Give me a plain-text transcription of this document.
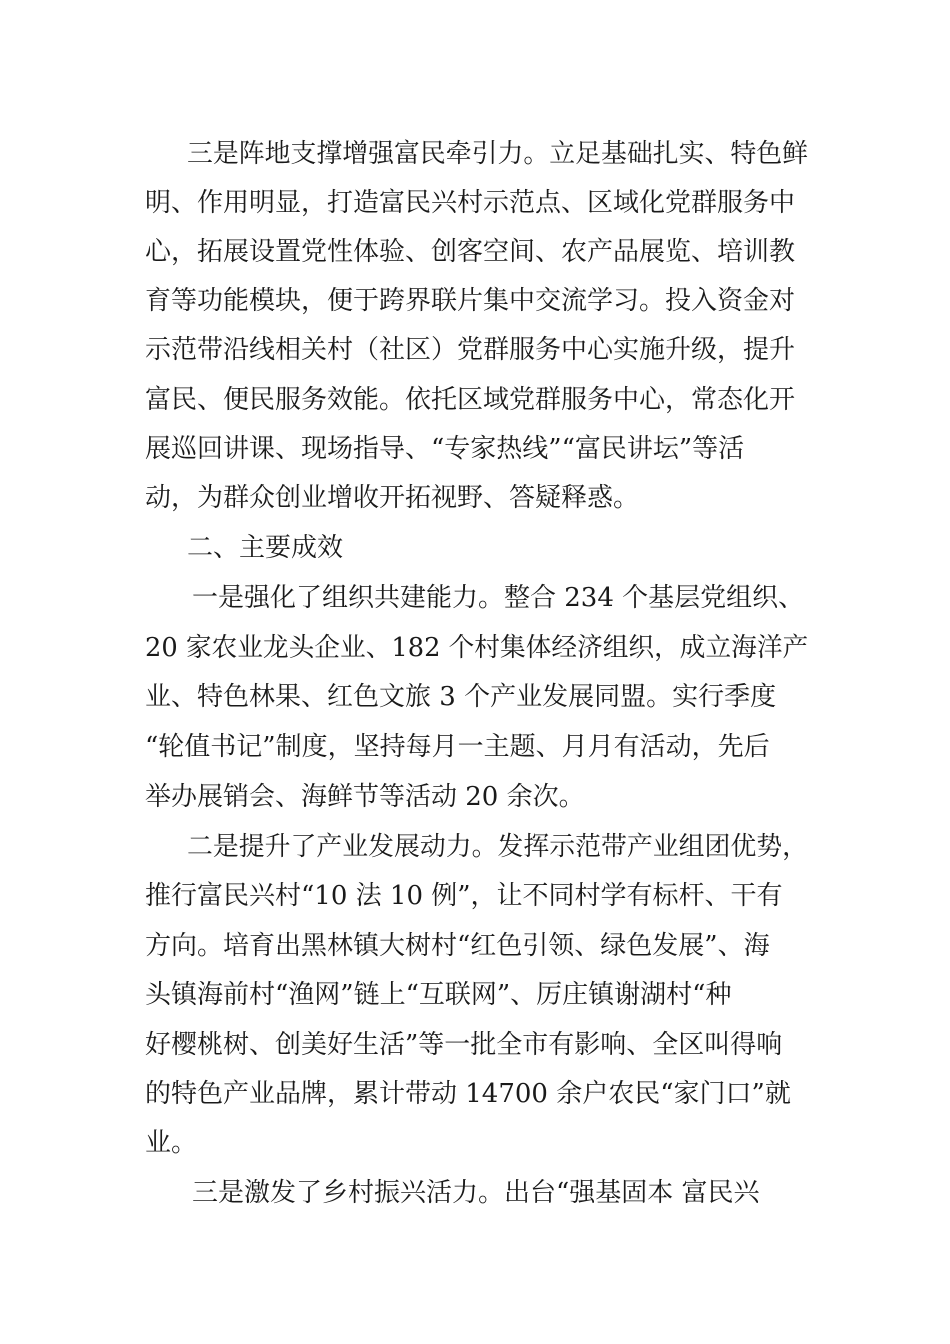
三是阵地支撑增强富民牵引力。立足基础扎实、特色鲜
明、作用明显，打造富民兴村示范点、区域化党群服务中
心，拓展设置党性体验、创客空间、农产品展览、培训教
育等功能模块，便于跨界联片集中交流学习。投入资金对
示范带沿线相关村（社区）党群服务中心实施升级，提升
富民、便民服务效能。依托区域党群服务中心，常态化开
展巡回讲课、现场指导、“专家热线”“富民讲坛”等活
动，为群众创业增收开拓视野、答疑释惑。
二、主要成效
一是强化了组织共建能力。整合 234 个基层党组织、
20 家农业龙头企业、182 个村集体经济组织，成立海洋产
业、特色林果、红色文旅 3 个产业发展同盟。实行季度
“轮值书记”制度，坚持每月一主题、月月有活动，先后
举办展销会、海鲜节等活动 20 余次。
二是提升了产业发展动力。发挥示范带产业组团优势，
推行富民兴村“10 法 10 例”，让不同村学有标杆、干有
方向。培育出黑林镇大树村“红色引领、绿色发展”、海
头镇海前村“渔网”链上“互联网”、厉庄镇谢湖村“种
好樱桃树、创美好生活”等一批全市有影响、全区叫得响
的特色产业品牌，累计带动 14700 余户农民“家门口”就
业。
三是激发了乡村振兴活力。出台“强基固本 富民兴
